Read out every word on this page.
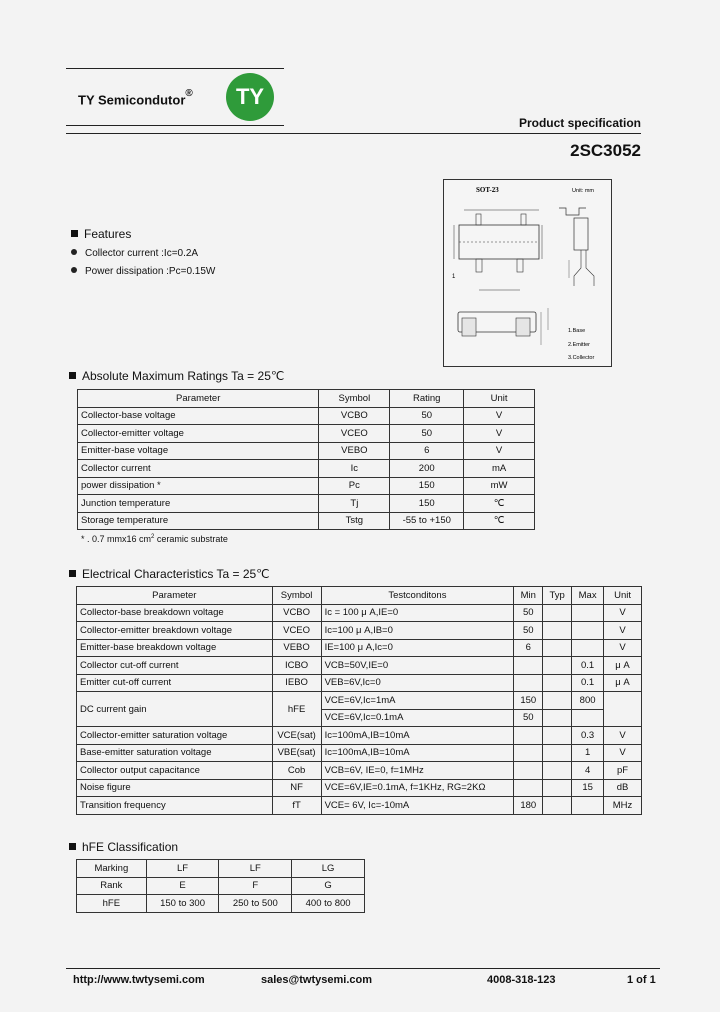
TY Semicondutor®	TY
Product specification
2SC3052
SOT-23	Unit: mm
1
1.Base
2.Emitter
3.Collector
Features
Collector current :Ic=0.2A
Power dissipation :Pc=0.15W
Absolute Maximum Ratings Ta = 25℃
Parameter	Symbol	Rating	Unit
Collector-base voltage	VCBO	50	V
Collector-emitter voltage	VCEO	50	V
Emitter-base voltage	VEBO	6	V
Collector current	Ic	200	mA
power dissipation *	Pc	150	mW
Junction temperature	Tj	150	℃
Storage temperature	Tstg	-55 to +150	℃
* . 0.7 mmx16 $cm^2$ ceramic substrate
Electrical Characteristics Ta = 25℃
Parameter	Symbol	Testconditons	Min	Typ	Max	Unit
Collector-base breakdown voltage	VCBO	Ic = 100 μ A,IE=0	50			V
Collector-emitter breakdown voltage	VCEO	Ic=100 μ A,IB=0	50			V
Emitter-base breakdown voltage	VEBO	IE=100 μ A,Ic=0	6			V
Collector cut-off current	ICBO	VCB=50V,IE=0			0.1	μ A
Emitter cut-off current	IEBO	VEB=6V,Ic=0			0.1	μ A
DC current gain	hFE	VCE=6V,Ic=1mA	150		800	
		VCE=6V,Ic=0.1mA	50			
Collector-emitter saturation voltage	VCE(sat)	Ic=100mA,IB=10mA			0.3	V
Base-emitter saturation voltage	VBE(sat)	Ic=100mA,IB=10mA			1	V
Collector output capacitance	Cob	VCB=6V, IE=0, f=1MHz			4	pF
Noise figure	NF	VCE=6V,IE=0.1mA, f=1KHz, RG=2KΩ			15	dB
Transition frequency	fT	VCE= 6V, Ic=-10mA	180			MHz
hFE Classification
Marking	LF	LF	LG
Rank	E	F	G
hFE	150 to 300	250 to 500	400 to 800
http://www.twtysemi.com	sales@twtysemi.com	4008-318-123	1 of 1
